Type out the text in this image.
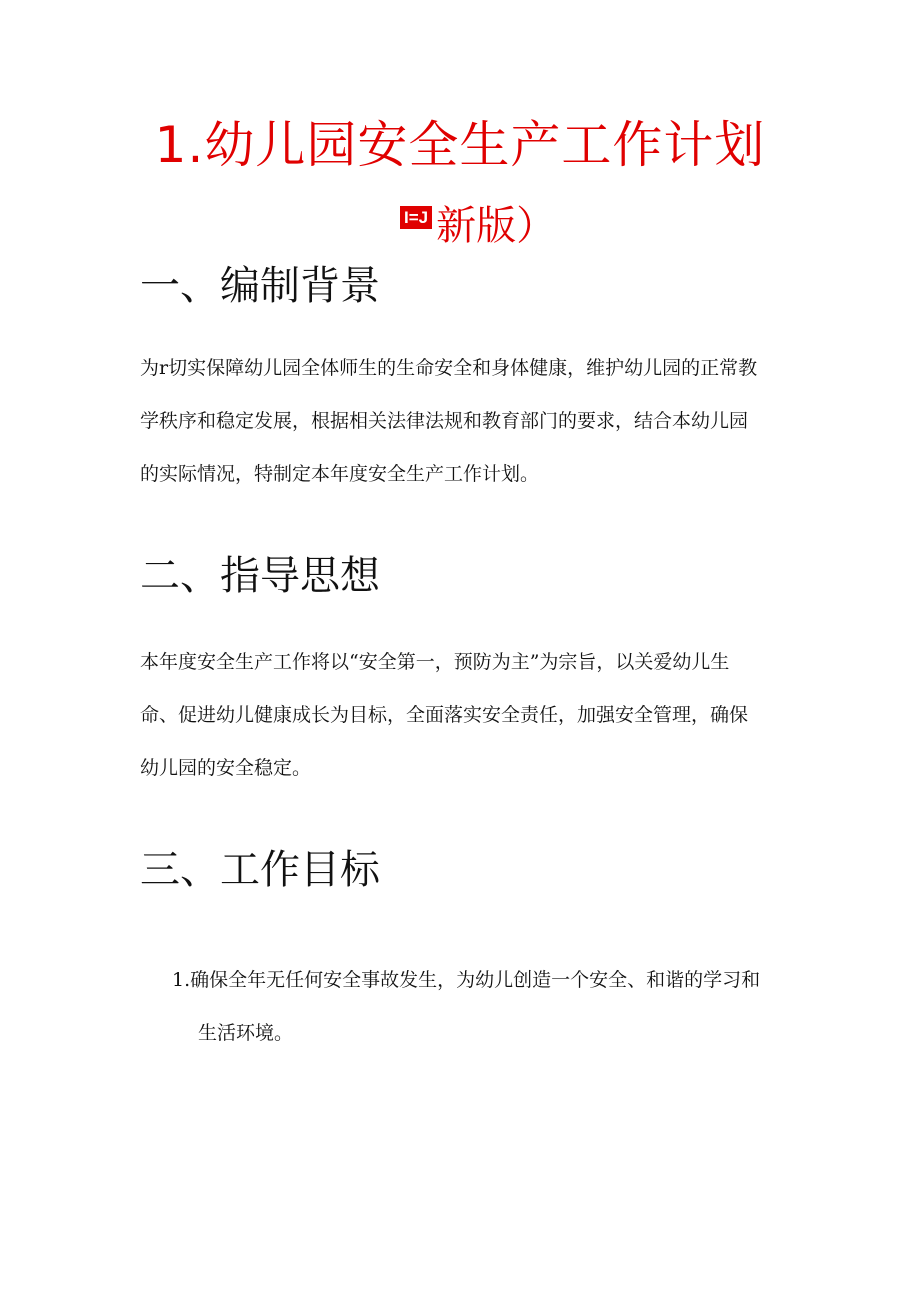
1.幼儿园安全生产工作计划
I=J 新版）
一、编制背景

为r切实保障幼儿园全体师生的生命安全和身体健康，维护幼儿园的正常教
学秩序和稳定发展，根据相关法律法规和教育部门的要求，结合本幼儿园
的实际情况，特制定本年度安全生产工作计划。

二、指导思想

本年度安全生产工作将以“安全第一，预防为主”为宗旨，以关爱幼儿生
命、促进幼儿健康成长为目标，全面落实安全责任，加强安全管理，确保
幼儿园的安全稳定。

三、工作目标

1.确保全年无任何安全事故发生，为幼儿创造一个安全、和谐的学习和
生活环境。
